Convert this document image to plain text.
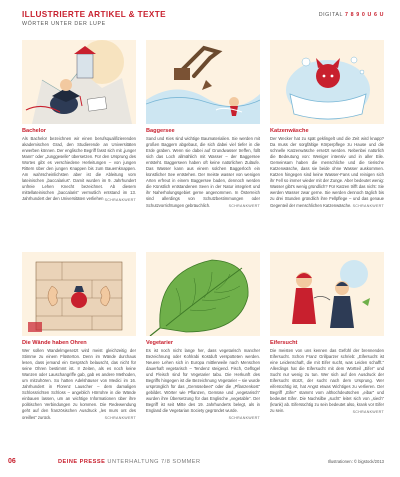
ILLUSTRIERTE ARTIKEL & TEXTE
WÖRTER UNTER DER LUPE
DIGITAL 7 8 9 0 U 6 U
Bachelor
Als Bachelor bezeichnen wir einen berufsqualifizierenden akademischen Grad, den Studierende an Universitäten erwerben können. Der englische Begriff fasst sich mit „junger Mann“ oder „Junggeselle“ übersetzen. Für den Ursprung des Wortes gibt es verschiedene Herleitungen – von jungen Rittern über den jungen Knappen bis zum Bauernknappen. Am wahrscheinlichsten aber ist die Ableitung vom lateinischen „baccalarius“. Damit wurden im 9. Jahrhundert unfreie Lehen Knecht bezeichnet. Ab diesem mittellateinischen „baccalaris“ vermutlich entstand im 13. Jahrhundert der den Universitäten verliehen SCHRANKWERT
Baggersee
Sand und Kies sind wichtige Baumaterialien. Sie werden mit großen Baggern abgebaut, die sich dabei viel tiefer in die Erde graben. Wenn sie dabei auf Grundwasser treffen, füllt sich das Loch allmählich mit Wasser – der Baggersee entsteht. Baggerseen haben oft keine natürlichen Zuläufe. Das Wasser kann aus einem solchen Baggerloch ein künstlicher See entstehen. Der meiste wasser von wenigen Arten erfreut in einem Baggersee baden, dennoch werden die Künstlich entstandenen Seen in der Natur integriert und ihr Naherholungsgebiet gerne angenommen. In Österreich sind allerdings von Schutzbestimmungen oder Schutzvorrichtungen gebräuchlich.	SCHRANKWERT
Katzenwäsche
Der Wecker hat zu spät geklingelt und die Zeit wird knapp? Da muss der sorgfältige Körperpflege zu Hause und die schnelle Katzenwäsche ersetzt werden. Nebenbei natürlich die Bedeutung von: Weniger intensiv und in aller Eile. Gemeinsam haben die menschliche und die tierische Katzenwäsche, dass sie beide ohne Wasser auskommen. Katzen hingegen sind keine Wasser-Fans und reinigen sich ihr Fell so immer wieder mit der Zunge. Aber bedeutet wenig: Wasser gibt's wenig gründlich? Für Katzen trifft das nicht: Sie werden Wasser zwar gerne. Sie werden dennoch täglich bis zu drei Stunden gründlich ihre Fellpflege – und das genaue Gegenteil der menschlichen Katzenwäsche. SCHRANKWERT
Die Wände haben Ohren
Wer sollen Wandelmgesetzt wird meist gleichzeitig der Stimme zu einem Flüsterton. Denn im Wände durchaus lesen, dass jemand ein Gespräch belauscht, das nicht für seine Ohren bestimmt ist. Ir Zeiten, als es noch keine Wanzen oder Lauschangriffe gab, gab es andere Methoden, um mitzuhören. So hatten Adelshäuser von Medici im 16. Jahrhundert in Florenz Lauscher – dem damaligen Schlossrichten Schloss – angeblich Hörrohre in die Wände einbauen lassen, um an wichtige Informationen über ihre politischen Verbindungen zu kommen. Die Redewendung geht auf den französischen Ausdruck „les murs ont des oreilles“ zurück.	SCHRANKWERT
Vegetarier
Es ist noch nicht lange her, dass vegetarisch mancher Bezeichnung oder Kohlrabi Kostduft verspotteten werden. Neuere Lehen sich in Europa mittlerweile nach Menschen dauerhaft vegetarisch – Tendenz steigend. Fisch, Geflügel und Fleisch sind für Vegetarier tabu. Die Herkunft des Begriffs hingegen ist die Bezeichnung Vegetarier – sie wurde ursprünglich für das „Gemüsebeet“ oder die „Pflanzenkost“ gebildet. Wörter wie Pflanzen, Gemüse und „vegetarisch“ wurden ihre Übersetzung für das Englische „vegetable“. Der Begriff ist seit Mitte des 19. Jahrhunderts belegt, als in England die Vegetarian Society gegründet wurde.
SCHRANKWERT
Eifersucht
Die meisten von uns kennen das Gefühl der brennenden Eifersucht. Schon Franz Grillparzer schrieb: „Eifersucht ist eine Leidenschaft, die mit Eifer sucht, was Leiden schafft.“ Allerdings hat die Eifersucht mit dem Wortteil „Eifer“ und Sucht nur wenig zu tun. Wer sich auf den Ausdruck der Eifersucht stürzt, der sucht nach dem Ursprung. Wer eifersüchtig ist, hat Angst etwas Wichtiges zu verlieren. Der Begriff „Eifer“ stammt vom althochdeutschen „eibar“ und bedeutet Eifer. Die Nachsilbe „sucht“ leitet sich von „siech“ (krank) ab. Eifersüchtig zu sein bedeutet also, krank vor Eifer zu sein.	SCHRANKWERT
06	DEINE PRESSE UNTERHALTUNG 7/8 SOMMER	Illustrationen: © bigstock/2013
